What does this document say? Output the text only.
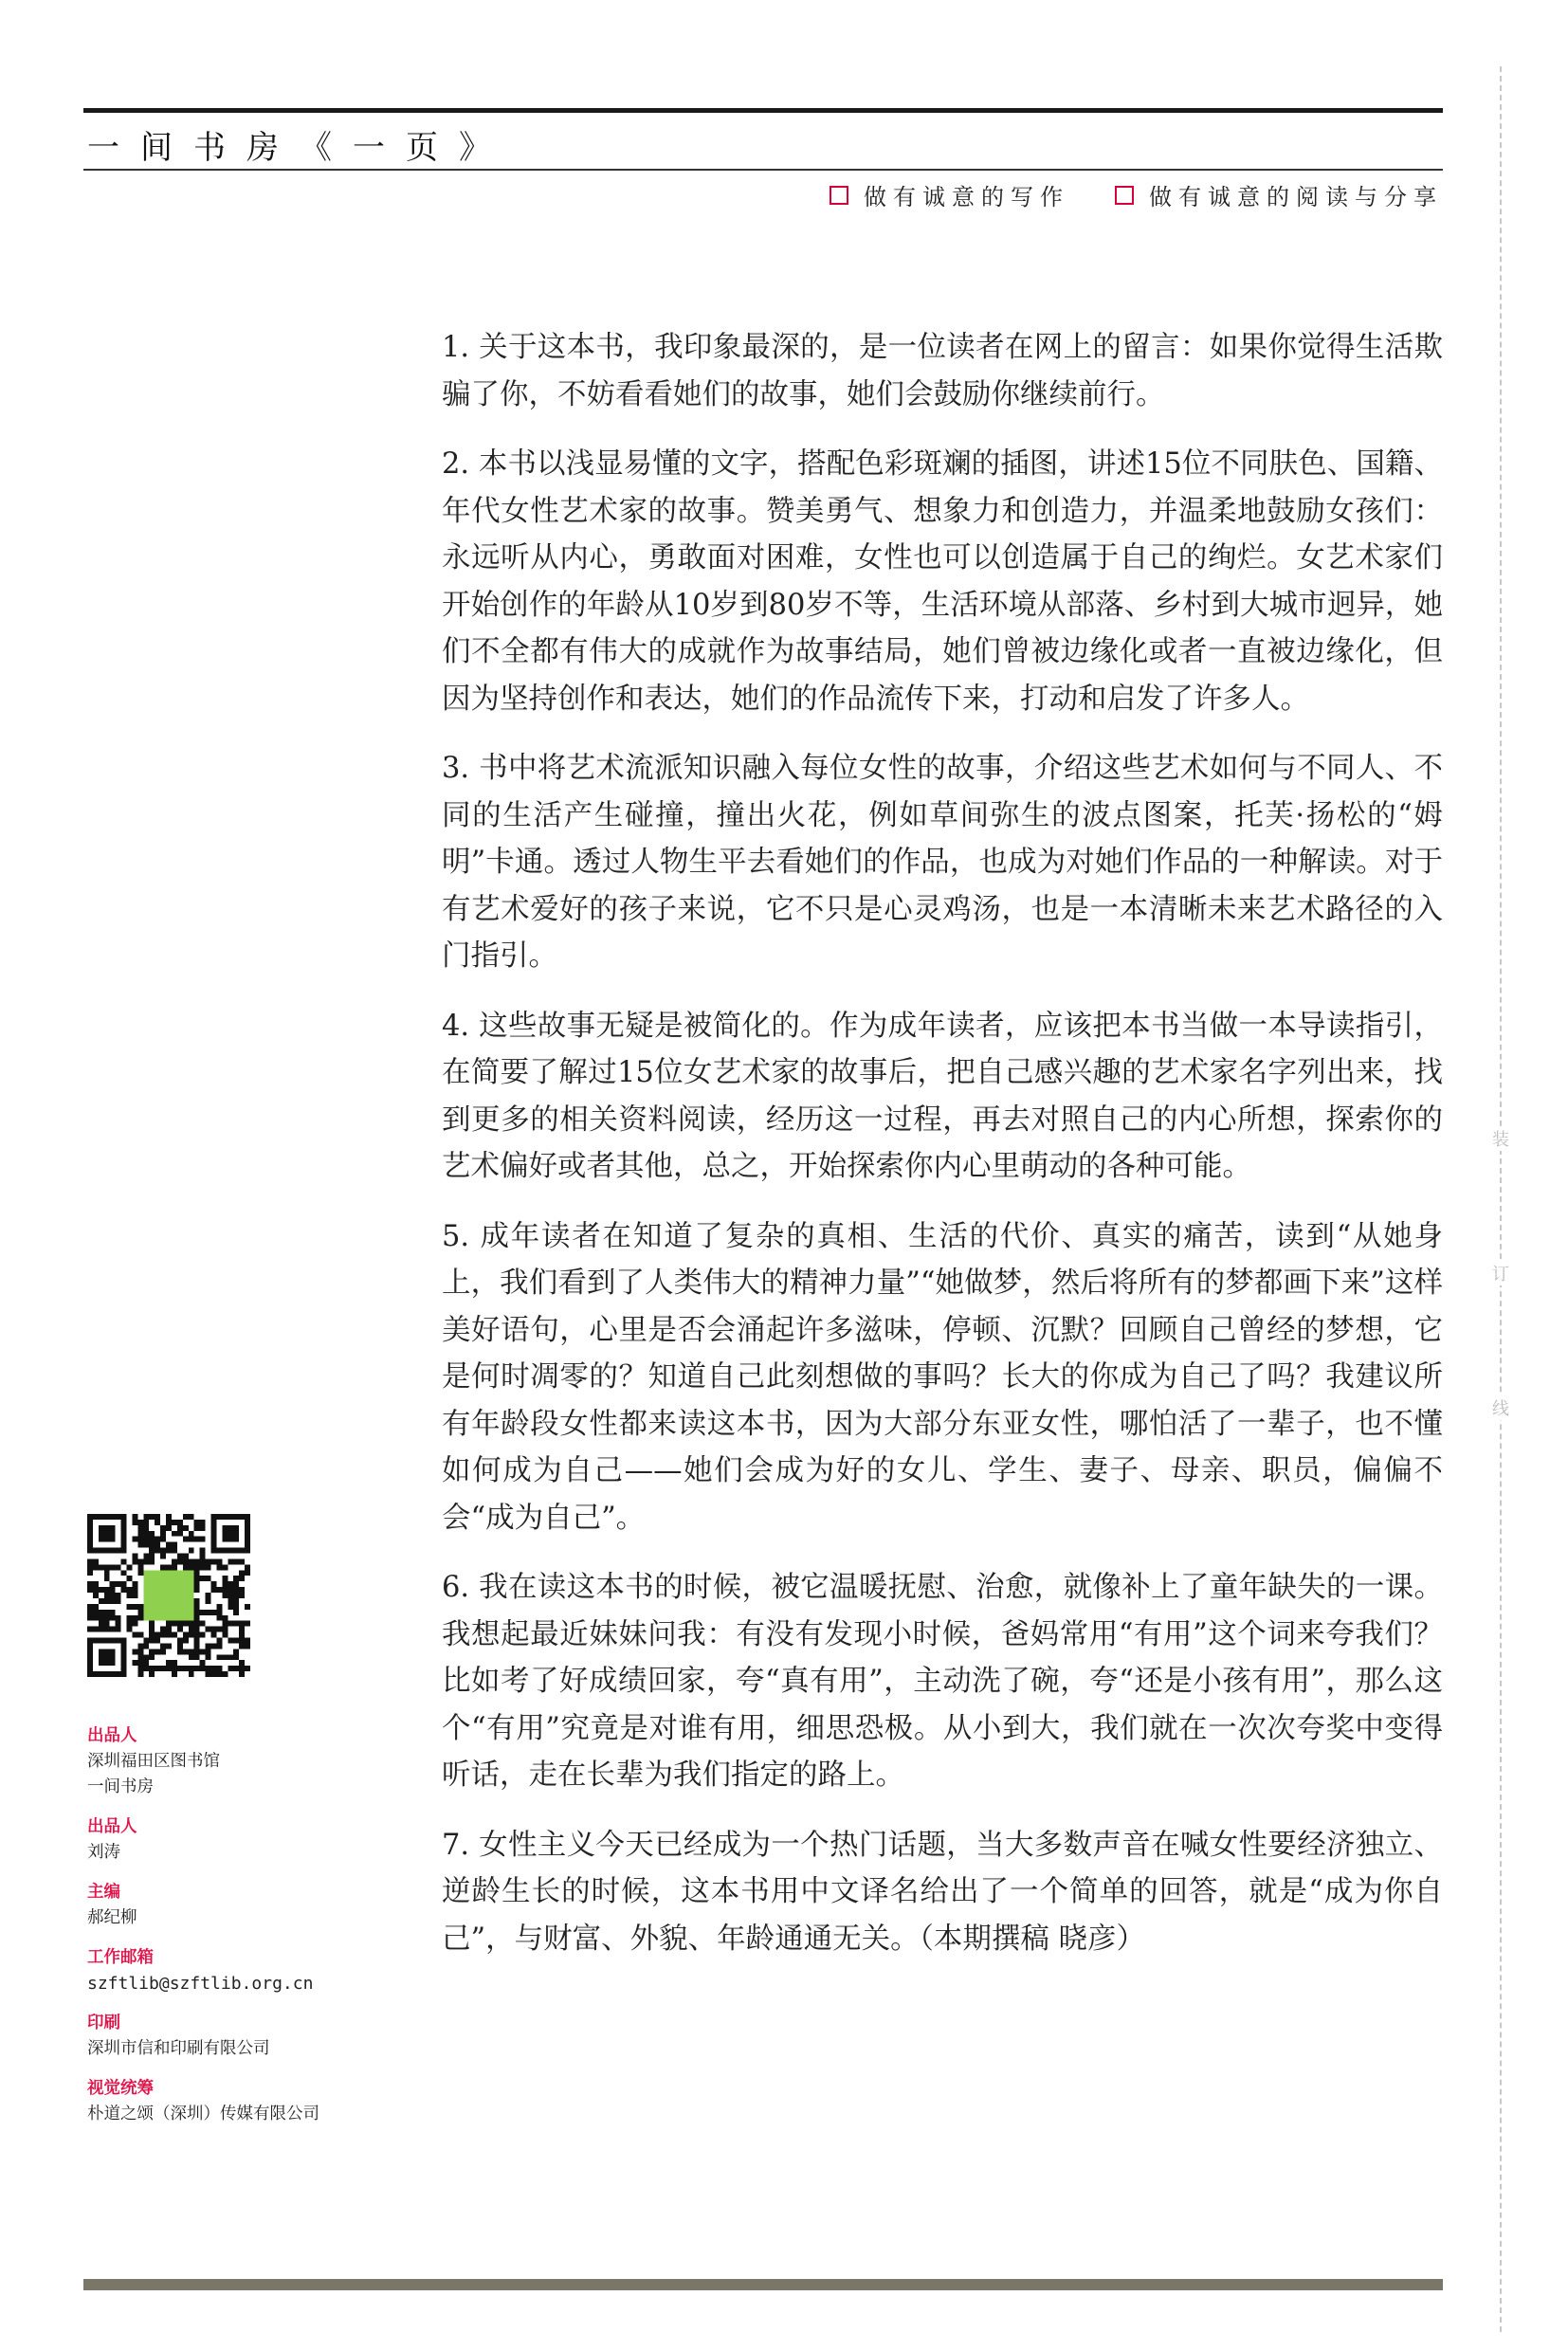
一间书房《一页》
做有诚意的写作	做有诚意的阅读与分享
装
订
线

1. 关于这本书，我印象最深的，是一位读者在网上的留言：如果你觉得生活欺骗了你，不妨看看她们的故事，她们会鼓励你继续前行。

2. 本书以浅显易懂的文字，搭配色彩斑斓的插图，讲述15位不同肤色、国籍、年代女性艺术家的故事。赞美勇气、想象力和创造力，并温柔地鼓励女孩们：永远听从内心，勇敢面对困难，女性也可以创造属于自己的绚烂。女艺术家们开始创作的年龄从10岁到80岁不等，生活环境从部落、乡村到大城市迥异，她们不全都有伟大的成就作为故事结局，她们曾被边缘化或者一直被边缘化，但因为坚持创作和表达，她们的作品流传下来，打动和启发了许多人。

3. 书中将艺术流派知识融入每位女性的故事，介绍这些艺术如何与不同人、不同的生活产生碰撞，撞出火花，例如草间弥生的波点图案，托芙·扬松的“姆明”卡通。透过人物生平去看她们的作品，也成为对她们作品的一种解读。对于有艺术爱好的孩子来说，它不只是心灵鸡汤，也是一本清晰未来艺术路径的入门指引。

4. 这些故事无疑是被简化的。作为成年读者，应该把本书当做一本导读指引，在简要了解过15位女艺术家的故事后，把自己感兴趣的艺术家名字列出来，找到更多的相关资料阅读，经历这一过程，再去对照自己的内心所想，探索你的艺术偏好或者其他，总之，开始探索你内心里萌动的各种可能。

5. 成年读者在知道了复杂的真相、生活的代价、真实的痛苦，读到“从她身上，我们看到了人类伟大的精神力量”“她做梦，然后将所有的梦都画下来”这样美好语句，心里是否会涌起许多滋味，停顿、沉默？回顾自己曾经的梦想，它是何时凋零的？知道自己此刻想做的事吗？长大的你成为自己了吗？我建议所有年龄段女性都来读这本书，因为大部分东亚女性，哪怕活了一辈子，也不懂如何成为自己——她们会成为好的女儿、学生、妻子、母亲、职员，偏偏不会“成为自己”。

6. 我在读这本书的时候，被它温暖抚慰、治愈，就像补上了童年缺失的一课。我想起最近妹妹问我：有没有发现小时候，爸妈常用“有用”这个词来夸我们？比如考了好成绩回家，夸“真有用”，主动洗了碗，夸“还是小孩有用”，那么这个“有用”究竟是对谁有用，细思恐极。从小到大，我们就在一次次夸奖中变得听话，走在长辈为我们指定的路上。

7. 女性主义今天已经成为一个热门话题，当大多数声音在喊女性要经济独立、逆龄生长的时候，这本书用中文译名给出了一个简单的回答，就是“成为你自己”，与财富、外貌、年龄通通无关。（本期撰稿 晓彦）

出品人
深圳福田区图书馆
一间书房
出品人
刘涛
主编
郝纪柳
工作邮箱
szftlib@szftlib.org.cn
印刷
深圳市信和印刷有限公司
视觉统筹
朴道之颂（深圳）传媒有限公司
